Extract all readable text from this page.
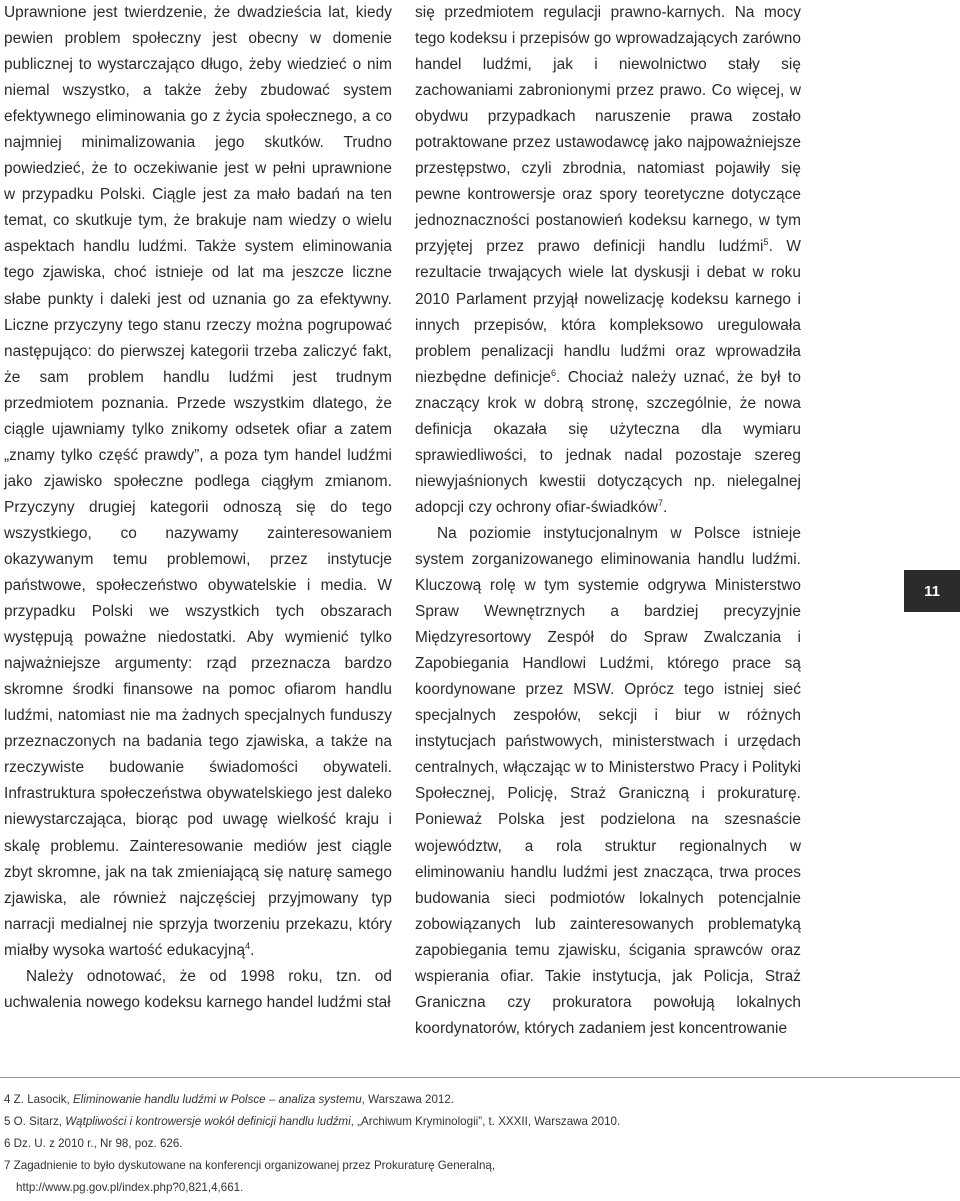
Uprawnione jest twierdzenie, że dwadzieścia lat, kiedy pewien problem społeczny jest obecny w domenie publicznej to wystarczająco długo, żeby wiedzieć o nim niemal wszystko, a także żeby zbudować system efektywnego eliminowania go z życia społecznego, a co najmniej minimalizowania jego skutków. Trudno powiedzieć, że to oczekiwanie jest w pełni uprawnione w przypadku Polski. Ciągle jest za mało badań na ten temat, co skutkuje tym, że brakuje nam wiedzy o wielu aspektach handlu ludźmi. Także system eliminowania tego zjawiska, choć istnieje od lat ma jeszcze liczne słabe punkty i daleki jest od uznania go za efektywny. Liczne przyczyny tego stanu rzeczy można pogrupować następująco: do pierwszej kategorii trzeba zaliczyć fakt, że sam problem handlu ludźmi jest trudnym przedmiotem poznania. Przede wszystkim dlatego, że ciągle ujawniamy tylko znikomy odsetek ofiar a zatem „znamy tylko część prawdy”, a poza tym handel ludźmi jako zjawisko społeczne podlega ciągłym zmianom. Przyczyny drugiej kategorii odnoszą się do tego wszystkiego, co nazywamy zainteresowaniem okazywanym temu problemowi, przez instytucje państwowe, społeczeństwo obywatelskie i media. W przypadku Polski we wszystkich tych obszarach występują poważne niedostatki. Aby wymienić tylko najważniejsze argumenty: rząd przeznacza bardzo skromne środki finansowe na pomoc ofiarom handlu ludźmi, natomiast nie ma żadnych specjalnych funduszy przeznaczonych na badania tego zjawiska, a także na rzeczywiste budowanie świadomości obywateli. Infrastruktura społeczeństwa obywatelskiego jest daleko niewystarczająca, biorąc pod uwagę wielkość kraju i skalę problemu. Zainteresowanie mediów jest ciągle zbyt skromne, jak na tak zmieniającą się naturę samego zjawiska, ale również najczęściej przyjmowany typ narracji medialnej nie sprzyja tworzeniu przekazu, który miałby wysoka wartość edukacyjną$^4$.

Należy odnotować, że od 1998 roku, tzn. od uchwalenia nowego kodeksu karnego handel ludźmi stał

się przedmiotem regulacji prawno-karnych. Na mocy tego kodeksu i przepisów go wprowadzających zarówno handel ludźmi, jak i niewolnictwo stały się zachowaniami zabronionymi przez prawo. Co więcej, w obydwu przypadkach naruszenie prawa zostało potraktowane przez ustawodawcę jako najpoważniejsze przestępstwo, czyli zbrodnia, natomiast pojawiły się pewne kontrowersje oraz spory teoretyczne dotyczące jednoznaczności postanowień kodeksu karnego, w tym przyjętej przez prawo definicji handlu ludźmi$^5$. W rezultacie trwających wiele lat dyskusji i debat w roku 2010 Parlament przyjął nowelizację kodeksu karnego i innych przepisów, która kompleksowo uregulowała problem penalizacji handlu ludźmi oraz wprowadziła niezbędne definicje$^6$. Chociaż należy uznać, że był to znaczący krok w dobrą stronę, szczególnie, że nowa definicja okazała się użyteczna dla wymiaru sprawiedliwości, to jednak nadal pozostaje szereg niewyjaśnionych kwestii dotyczących np. nielegalnej adopcji czy ochrony ofiar-świadków$^7$.

Na poziomie instytucjonalnym w Polsce istnieje system zorganizowanego eliminowania handlu ludźmi. Kluczową rolę w tym systemie odgrywa Ministerstwo Spraw Wewnętrznych a bardziej precyzyjnie Międzyresortowy Zespół do Spraw Zwalczania i Zapobiegania Handlowi Ludźmi, którego prace są koordynowane przez MSW. Oprócz tego istniej sieć specjalnych zespołów, sekcji i biur w różnych instytucjach państwowych, ministerstwach i urzędach centralnych, włączając w to Ministerstwo Pracy i Polityki Społecznej, Policję, Straż Graniczną i prokuraturę. Ponieważ Polska jest podzielona na szesnaście województw, a rola struktur regionalnych w eliminowaniu handlu ludźmi jest znacząca, trwa proces budowania sieci podmiotów lokalnych potencjalnie zobowiązanych lub zainteresowanych problematyką zapobiegania temu zjawisku, ścigania sprawców oraz wspierania ofiar. Takie instytucja, jak Policja, Straż Graniczna czy prokuratora powołują lokalnych koordynatorów, których zadaniem jest koncentrowanie

11

4 Z. Lasocik, Eliminowanie handlu ludźmi w Polsce – analiza systemu, Warszawa 2012.

5 O. Sitarz, Wątpliwości i kontrowersje wokół definicji handlu ludźmi, „Archiwum Kryminologii”, t. XXXII, Warszawa 2010.

6 Dz. U. z 2010 r., Nr 98, poz. 626.

7 Zagadnienie to było dyskutowane na konferencji organizowanej przez Prokuraturę Generalną,

http://www.pg.gov.pl/index.php?0,821,4,661.
